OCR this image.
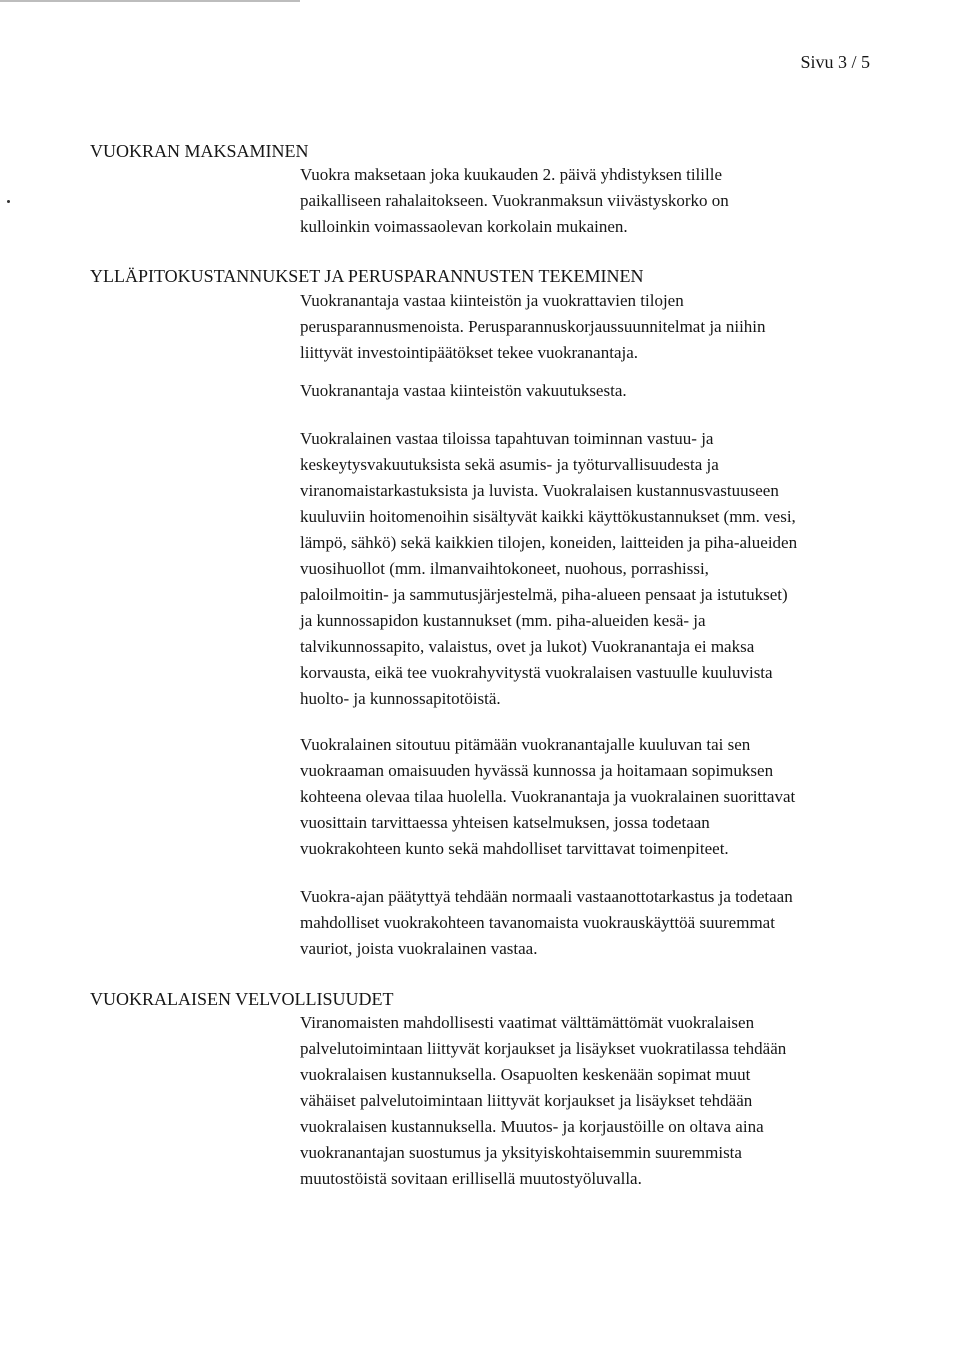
Sivu 3 / 5
VUOKRAN MAKSAMINEN
Vuokra maksetaan joka kuukauden 2. päivä yhdistyksen tilille
paikalliseen rahalaitokseen. Vuokranmaksun viivästyskorko on
kulloinkin voimassaolevan korkolain mukainen.
YLLÄPITOKUSTANNUKSET JA PERUSPARANNUSTEN TEKEMINEN
Vuokranantaja vastaa kiinteistön ja vuokrattavien tilojen
perusparannusmenoista. Perusparannuskorjaussuunnitelmat ja niihin
liittyvät investointipäätökset tekee vuokranantaja.
Vuokranantaja vastaa kiinteistön vakuutuksesta.
Vuokralainen vastaa tiloissa tapahtuvan toiminnan vastuu- ja
keskeytysvakuutuksista sekä asumis- ja työturvallisuudesta ja
viranomaistarkastuksista ja luvista. Vuokralaisen kustannusvastuuseen
kuuluviin hoitomenoihin sisältyvät kaikki käyttökustannukset (mm. vesi,
lämpö, sähkö) sekä kaikkien tilojen, koneiden, laitteiden ja piha-alueiden
vuosihuollot (mm. ilmanvaihtokoneet, nuohous, porrashissi,
paloilmoitin- ja sammutusjärjestelmä, piha-alueen pensaat ja istutukset)
ja kunnossapidon kustannukset (mm. piha-alueiden kesä- ja
talvikunnossapito, valaistus, ovet ja lukot) Vuokranantaja ei maksa
korvausta, eikä tee vuokrahyvitystä vuokralaisen vastuulle kuuluvista
huolto- ja kunnossapitotöistä.
Vuokralainen sitoutuu pitämään vuokranantajalle kuuluvan tai sen
vuokraaman omaisuuden hyvässä kunnossa ja hoitamaan sopimuksen
kohteena olevaa tilaa huolella. Vuokranantaja ja vuokralainen suorittavat
vuosittain tarvittaessa yhteisen katselmuksen, jossa todetaan
vuokrakohteen kunto sekä mahdolliset tarvittavat toimenpiteet.
Vuokra-ajan päätyttyä tehdään normaali vastaanottotarkastus ja todetaan
mahdolliset vuokrakohteen tavanomaista vuokrauskäyttöä suuremmat
vauriot, joista vuokralainen vastaa.
VUOKRALAISEN VELVOLLISUUDET
Viranomaisten mahdollisesti vaatimat välttämättömät vuokralaisen
palvelutoimintaan liittyvät korjaukset ja lisäykset vuokratilassa tehdään
vuokralaisen kustannuksella. Osapuolten keskenään sopimat muut
vähäiset palvelutoimintaan liittyvät korjaukset ja lisäykset tehdään
vuokralaisen kustannuksella. Muutos- ja korjaustöille on oltava aina
vuokranantajan suostumus ja yksityiskohtaisemmin suuremmista
muutostöistä sovitaan erillisellä muutostyöluvalla.
